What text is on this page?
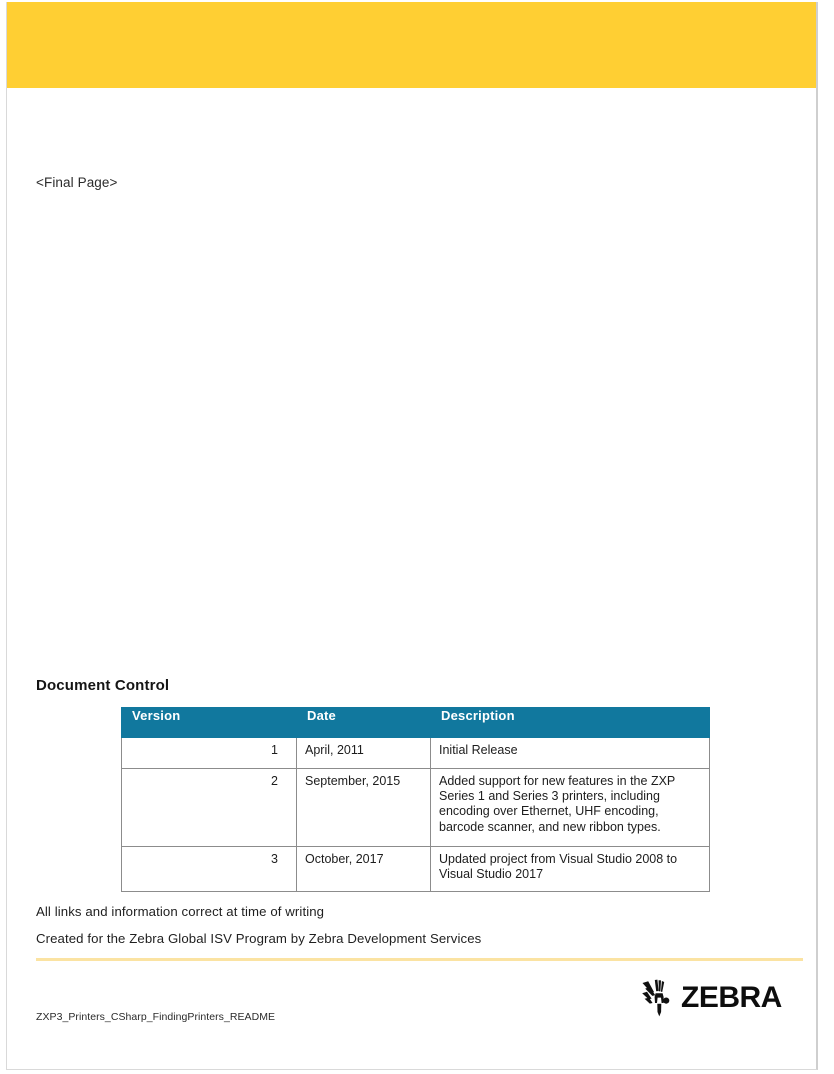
<Final Page>
Document Control
Version	Date	Description
1	April, 2011	Initial Release
2	September, 2015	Added support for new features in the ZXP Series 1 and Series 3 printers, including encoding over Ethernet, UHF encoding, barcode scanner, and new ribbon types.
3	October, 2017	Updated project from Visual Studio 2008 to Visual Studio 2017
All links and information correct at time of writing
Created for the Zebra Global ISV Program by Zebra Development Services
ZXP3_Printers_CSharp_FindingPrinters_README
ZEBRA
